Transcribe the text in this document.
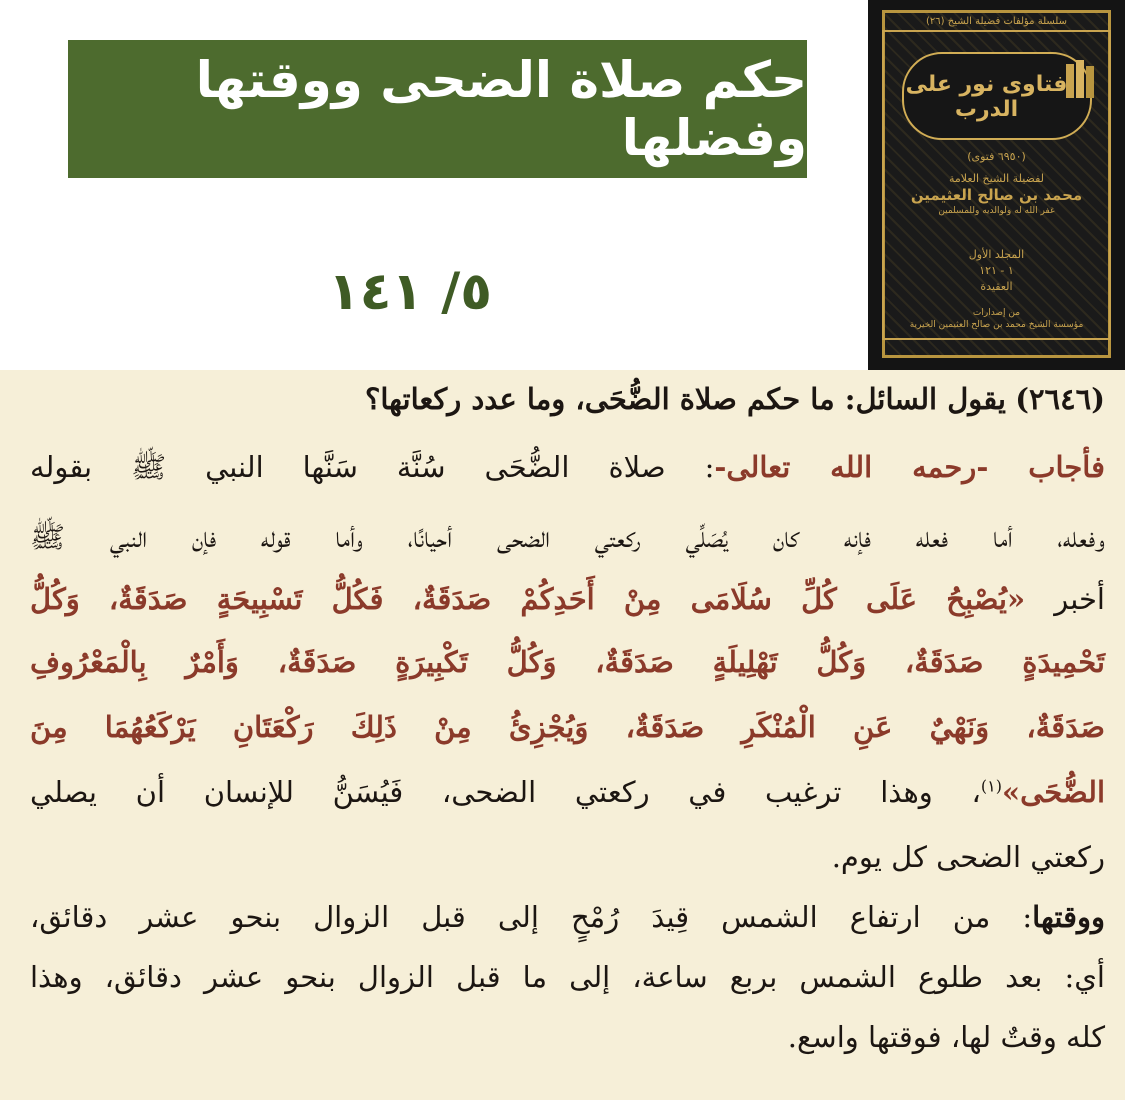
حكم صلاة الضحى ووقتها وفضلها
٥/ ١٤١
سلسلة مؤلفات فضيلة الشيخ (٢٦)
فتاوى نور على الدرب
(٦٩٥٠ فتوى)
لفضيلة الشيخ العلامة
محمد بن صالح العثيمين
غفر الله له ولوالديه وللمسلمين
المجلد الأول
١ - ١٢١
العقيدة
من إصدارات
مؤسسة الشيخ محمد بن صالح العثيمين الخيرية
(٢٦٤٦) يقول السائل: ما حكم صلاة الضُّحَى، وما عدد ركعاتها؟
فأجاب -رحمه الله تعالى-: صلاة الضُّحَى سُنَّة سَنَّها النبي ﷺ بقوله
وفعله، أما فعله فإنه كان يُصَلِّي ركعتي الضحى أحيانًا، وأما قوله فإن النبي ﷺ
أخبر «يُصْبِحُ عَلَى كُلِّ سُلَامَى مِنْ أَحَدِكُمْ صَدَقَةٌ، فَكُلُّ تَسْبِيحَةٍ صَدَقَةٌ، وَكُلُّ
تَحْمِيدَةٍ صَدَقَةٌ، وَكُلُّ تَهْلِيلَةٍ صَدَقَةٌ، وَكُلُّ تَكْبِيرَةٍ صَدَقَةٌ، وَأَمْرٌ بِالْمَعْرُوفِ
صَدَقَةٌ، وَنَهْيٌ عَنِ الْمُنْكَرِ صَدَقَةٌ، وَيُجْزِئُ مِنْ ذَلِكَ رَكْعَتَانِ يَرْكَعُهُمَا مِنَ
الضُّحَى»$^{(١)}$، وهذا ترغيب في ركعتي الضحى، فَيُسَنُّ للإنسان أن يصلي
ركعتي الضحى كل يوم.
ووقتها: من ارتفاع الشمس قِيدَ رُمْحٍ إلى قبل الزوال بنحو عشر دقائق،
أي: بعد طلوع الشمس بربع ساعة، إلى ما قبل الزوال بنحو عشر دقائق، وهذا
كله وقتٌ لها، فوقتها واسع.
